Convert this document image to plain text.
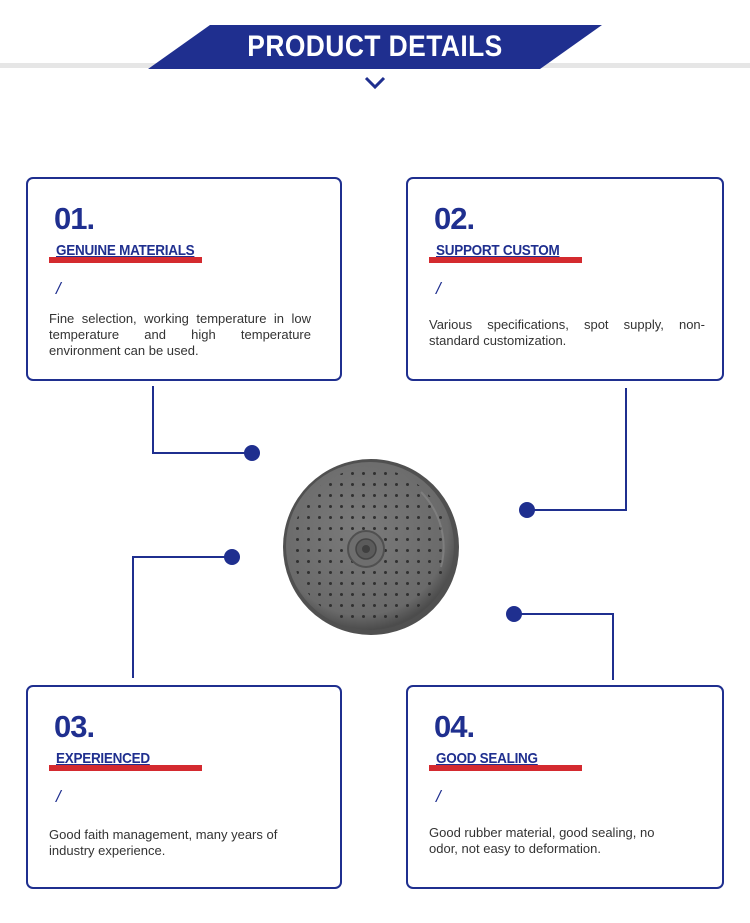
PRODUCT DETAILS
01.
GENUINE MATERIALS
/
Fine selection, working temperature in low temperature and high temperature environment can be used.
02.
SUPPORT CUSTOM
/
Various specifications, spot supply, non-standard customization.
03.
EXPERIENCED
/
Good faith management, many years of industry experience.
04.
GOOD SEALING
/
Good rubber material, good sealing, no odor, not easy to deformation.
